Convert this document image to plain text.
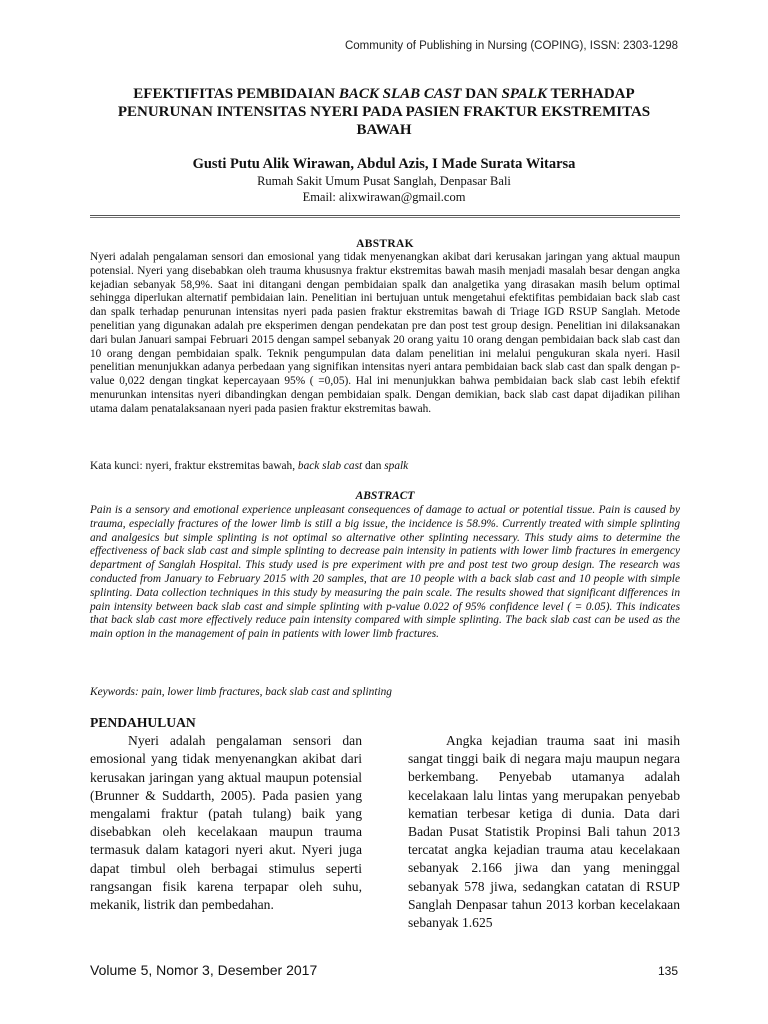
Community of Publishing in Nursing (COPING), ISSN: 2303-1298
EFEKTIFITAS PEMBIDAIAN BACK SLAB CAST DAN SPALK TERHADAP PENURUNAN INTENSITAS NYERI PADA PASIEN FRAKTUR EKSTREMITAS BAWAH
Gusti Putu Alik Wirawan, Abdul Azis, I Made Surata Witarsa
Rumah Sakit Umum Pusat Sanglah, Denpasar Bali
Email: alixwirawan@gmail.com
ABSTRAK

Nyeri adalah pengalaman sensori dan emosional yang tidak menyenangkan akibat dari kerusakan jaringan yang aktual maupun potensial. Nyeri yang disebabkan oleh trauma khususnya fraktur ekstremitas bawah masih menjadi masalah besar dengan angka kejadian sebanyak 58,9%. Saat ini ditangani dengan pembidaian spalk dan analgetika yang dirasakan masih belum optimal sehingga diperlukan alternatif pembidaian lain. Penelitian ini bertujuan untuk mengetahui efektifitas pembidaian back slab cast dan spalk terhadap penurunan intensitas nyeri pada pasien fraktur ekstremitas bawah di Triage IGD RSUP Sanglah. Metode penelitian yang digunakan adalah pre eksperimen dengan pendekatan pre dan post test group design. Penelitian ini dilaksanakan dari bulan Januari sampai Februari 2015 dengan sampel sebanyak 20 orang yaitu 10 orang dengan pembidaian back slab cast dan 10 orang dengan pembidaian spalk. Teknik pengumpulan data dalam penelitian ini melalui pengukuran skala nyeri. Hasil penelitian menunjukkan adanya perbedaan yang signifikan intensitas nyeri antara pembidaian back slab cast dan spalk dengan p- value 0,022 dengan tingkat kepercayaan 95% ( =0,05). Hal ini menunjukkan bahwa pembidaian back slab cast lebih efektif menurunkan intensitas nyeri dibandingkan dengan pembidaian spalk. Dengan demikian, back slab cast dapat dijadikan pilihan utama dalam penatalaksanaan nyeri pada pasien fraktur ekstremitas bawah.

Kata kunci: nyeri, fraktur ekstremitas bawah, back slab cast dan spalk
ABSTRACT
Pain is a sensory and emotional experience unpleasant consequences of damage to actual or potential tissue. Pain is caused by trauma, especially fractures of the lower limb is still a big issue, the incidence is 58.9%. Currently treated with simple splinting and analgesics but simple splinting is not optimal so alternative other splinting necessary. This study aims to determine the effectiveness of back slab cast and simple splinting to decrease pain intensity in patients with lower limb fractures in emergency department of Sanglah Hospital. This study used is pre experiment with pre and post test two group design. The research was conducted from January to February 2015 with 20 samples, that are 10 people with a back slab cast and 10 people with simple splinting. Data collection techniques in this study by measuring the pain scale. The results showed that significant differences in pain intensity between back slab cast and simple splinting with p-value 0.022 of 95% confidence level ( = 0.05). This indicates that back slab cast more effectively reduce pain intensity compared with simple splinting. The back slab cast can be used as the main option in the management of pain in patients with lower limb fractures.
Keywords: pain, lower limb fractures, back slab cast and splinting
PENDAHULUAN

Nyeri adalah pengalaman sensori dan emosional yang tidak menyenangkan akibat dari kerusakan jaringan yang aktual maupun potensial (Brunner & Suddarth, 2005). Pada pasien yang mengalami fraktur (patah tulang) baik yang disebabkan oleh kecelakaan maupun trauma termasuk dalam katagori nyeri akut. Nyeri juga dapat timbul oleh berbagai stimulus seperti rangsangan fisik karena terpapar oleh suhu, mekanik, listrik dan pembedahan.

Angka kejadian trauma saat ini masih sangat tinggi baik di negara maju maupun negara berkembang. Penyebab utamanya adalah kecelakaan lalu lintas yang merupakan penyebab kematian terbesar ketiga di dunia. Data dari Badan Pusat Statistik Propinsi Bali tahun 2013 tercatat angka kejadian trauma atau kecelakaan sebanyak 2.166 jiwa dan yang meninggal sebanyak 578 jiwa, sedangkan catatan di RSUP Sanglah Denpasar tahun 2013 korban kecelakaan sebanyak 1.625

Volume 5, Nomor 3, Desember 2017	135
